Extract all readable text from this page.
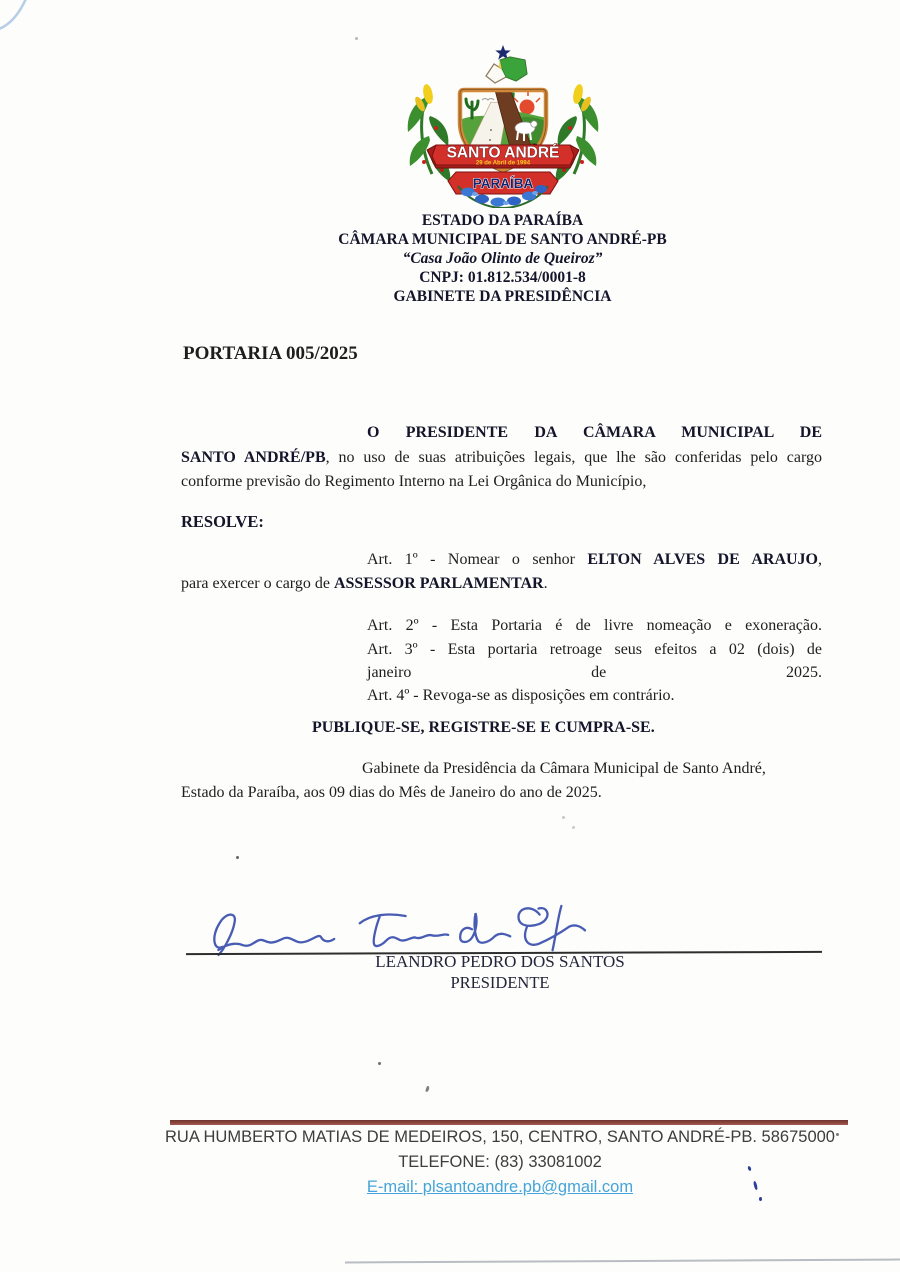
SANTO ANDRÉ
29 de Abril de 1994
PARAÍBA
ESTADO DA PARAÍBA
CÂMARA MUNICIPAL DE SANTO ANDRÉ-PB
“Casa João Olinto de Queiroz”
CNPJ: 01.812.534/0001-8
GABINETE DA PRESIDÊNCIA
PORTARIA 005/2025
O PRESIDENTE DA CÂMARA MUNICIPAL DE
SANTO ANDRÉ/PB, no uso de suas atribuições legais, que lhe são conferidas pelo cargo
conforme previsão do Regimento Interno na Lei Orgânica do Município,
RESOLVE:
Art. 1º - Nomear o senhor ELTON ALVES DE ARAUJO,
para exercer o cargo de ASSESSOR PARLAMENTAR.
Art. 2º - Esta Portaria é de livre nomeação e exoneração.
Art. 3º - Esta portaria retroage seus efeitos a 02 (dois) de
janeiro	de	2025.
Art. 4º - Revoga-se as disposições em contrário.
PUBLIQUE-SE, REGISTRE-SE E CUMPRA-SE.
Gabinete da Presidência da Câmara Municipal de Santo André,
Estado da Paraíba, aos 09 dias do Mês de Janeiro do ano de 2025.
LEANDRO PEDRO DOS SANTOS
PRESIDENTE
RUA HUMBERTO MATIAS DE MEDEIROS, 150, CENTRO, SANTO ANDRÉ-PB. 58675000
TELEFONE: (83) 33081002
E-mail: plsantoandre.pb@gmail.com
